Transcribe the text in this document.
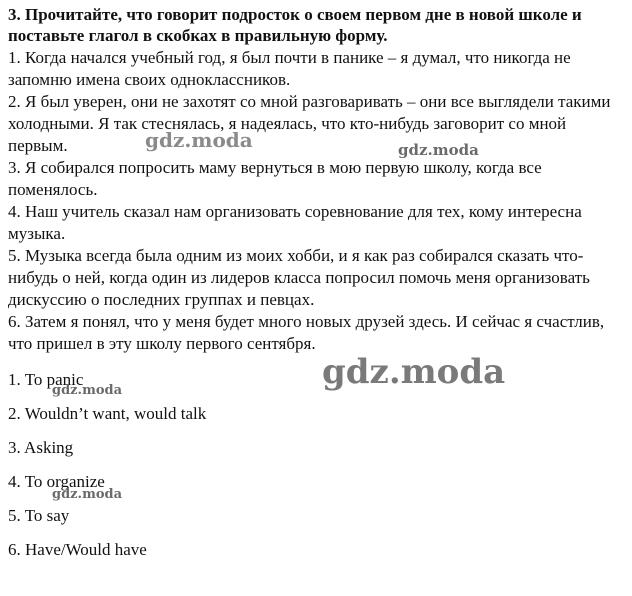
3. Прочитайте, что говорит подросток о своем первом дне в новой школе и поставьте глагол в скобках в правильную форму.

1. Когда начался учебный год, я был почти в панике – я думал, что никогда не запомню имена своих одноклассников.

2. Я был уверен, они не захотят со мной разговаривать – они все выглядели такими холодными. Я так стеснялась, я надеялась, что кто-нибудь заговорит со мной первым.

3. Я собирался попросить маму вернуться в мою первую школу, когда все поменялось.

4. Наш учитель сказал нам организовать соревнование для тех, кому интересна музыка.

5. Музыка всегда была одним из моих хобби, и я как раз собирался сказать что-нибудь о ней, когда один из лидеров класса попросил помочь меня организовать дискуссию о последних группах и певцах.

6. Затем я понял, что у меня будет много новых друзей здесь. И сейчас я счастлив, что пришел в эту школу первого сентября.

1. To panic

2. Wouldn’t want, would talk

3. Asking

4. To organize

5. To say

6. Have/Would have

gdz.moda	gdz.moda
gdz.moda
gdz.moda
gdz.moda
